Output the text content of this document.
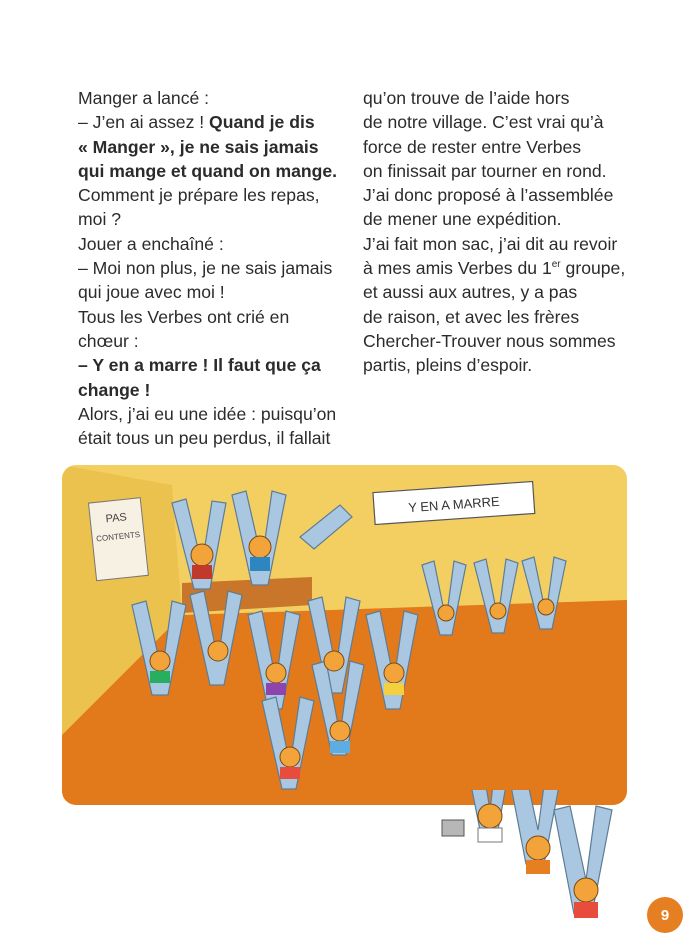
Manger a lancé :

– J’en ai assez ! Quand je dis

« Manger », je ne sais jamais

qui mange et quand on mange.

Comment je prépare les repas,

moi ?

Jouer a enchaîné :

– Moi non plus, je ne sais jamais

qui joue avec moi !

Tous les Verbes ont crié en

chœur :

– Y en a marre ! Il faut que ça

change !

Alors, j’ai eu une idée : puisqu’on

était tous un peu perdus, il fallait

qu’on trouve de l’aide hors

de notre village. C’est vrai qu’à

force de rester entre Verbes

on finissait par tourner en rond.

J’ai donc proposé à l’assemblée

de mener une expédition.

J’ai fait mon sac, j’ai dit au revoir

à mes amis Verbes du 1er groupe,

et aussi aux autres, y a pas

de raison, et avec les frères

Chercher-Trouver nous sommes

partis, pleins d’espoir.

Y EN A MARRE
PAS
CONTENTS
9
